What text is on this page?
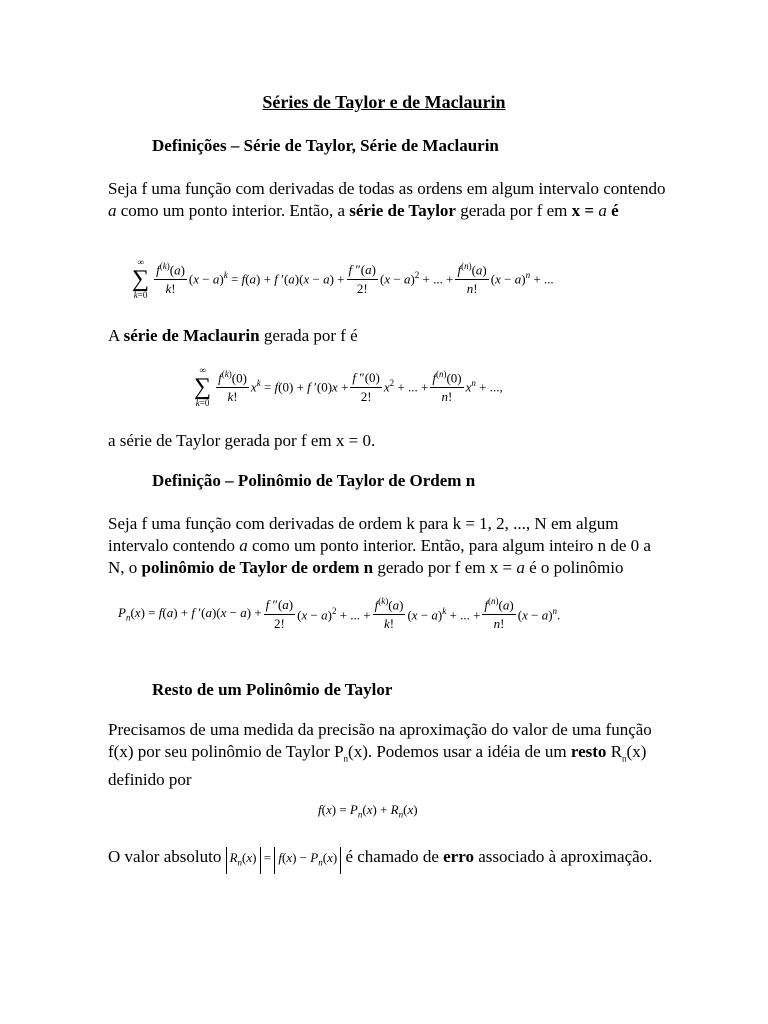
Séries de Taylor e de Maclaurin
Definições – Série de Taylor, Série de Maclaurin
Seja f uma função com derivadas de todas as ordens em algum intervalo contendo a como um ponto interior. Então, a série de Taylor gerada por f em x = a é
∞
∑
$k=0 \frac{f^{(k)}(a)}{k!} (x - a)^k = f(a) + f$ $'(a)(x - a) + \frac{f ''(a)}{2!} (x - a)^2$ + ... + $\frac{f^{(n)}(a)}{n!} (x - a)^n$ + ...
A série de Maclaurin gerada por f é
∞
∑
$k=0 \frac{f^{(k)}(0)}{k!} x^k = f(0) + f$ $'(0)x + \frac{f ''(0)}{2!} x^2$ + ... + $\frac{f^{(n)}(0)}{n!} x^n$ + ...,
a série de Taylor gerada por f em x = 0.
Definição – Polinômio de Taylor de Ordem n
Seja f uma função com derivadas de ordem k para k = 1, 2, ..., N em algum intervalo contendo a como um ponto interior. Então, para algum inteiro n de 0 a N, o polinômio de Taylor de ordem n gerado por f em x = a é o polinômio
$P_n(x) = f(a) + f$ $'(a)(x - a) + \frac{f ''(a)}{2!} (x - a)^2$ + ... + $\frac{f^{(k)}(a)}{k!} (x - a)^k$ + ... + $\frac{f^{(n)}(a)}{n!} (x - a)^n$.
Resto de um Polinômio de Taylor
Precisamos de uma medida da precisão na aproximação do valor de uma função f(x) por seu polinômio de Taylor $P_n(x)$. Podemos usar a idéia de um resto $R_n(x)$ definido por
$f(x) = P_n(x) + R_n(x)$
O valor absoluto $R_n(x) = f(x) - P_n(x)$ é chamado de erro associado à aproximação.
